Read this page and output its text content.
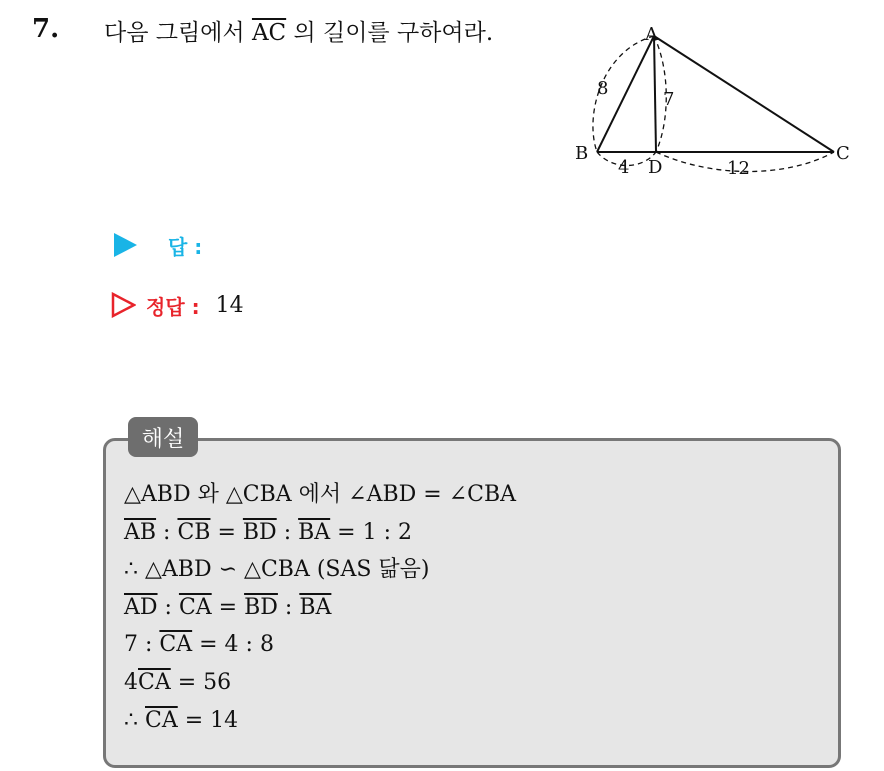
7. 다음 그림에서 $\overline{AC}$ 의 길이를 구하여라.	A
B	C
D
8
7
4	12
답 :
정답 : 14
해설
△ABD 와 △CBA 에서 ∠ABD = ∠CBA
$\overline{AB}$ : $\overline{CB} = \overline{BD}$ : $\overline{BA} = 1$ : 2
∴ △ABD ∽ △CBA (SAS 닮음)
$\overline{AD}$ : $\overline{CA} = \overline{BD}$ : $\overline{BA}$
7 : $\overline{CA} = 4$ : 8
$4\overline{CA} = 56$
∴ $\overline{CA} = 14$
